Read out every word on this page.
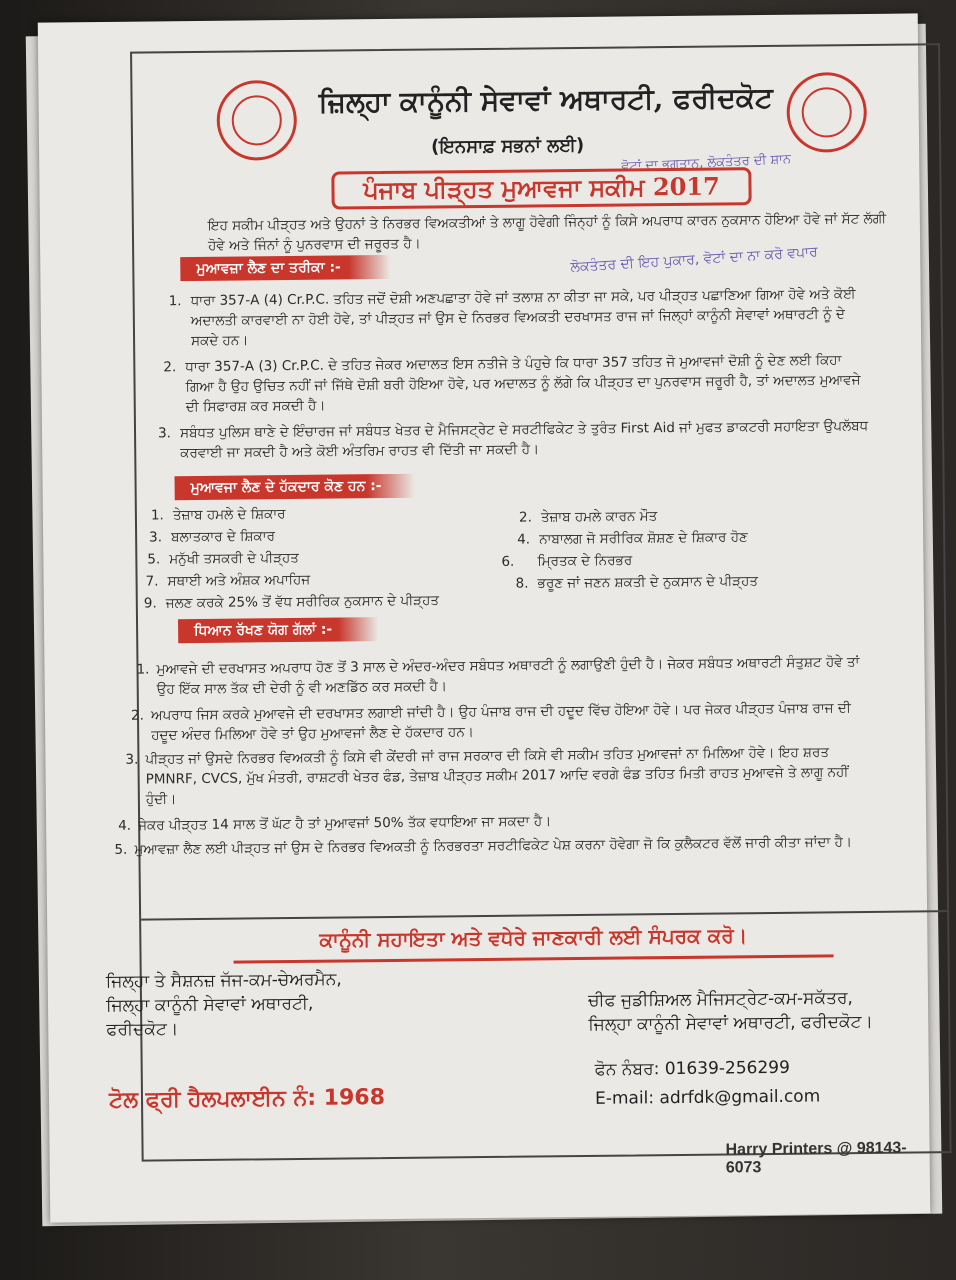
ਜ਼ਿਲ੍ਹਾ ਕਾਨੂੰਨੀ ਸੇਵਾਵਾਂ ਅਥਾਰਟੀ, ਫਰੀਦਕੋਟ
(ਇਨਸਾਫ਼ ਸਭਨਾਂ ਲਈ)
ਵੋਟਾਂ ਦਾ ਭੁਗਤਾਨ, ਲੋਕਤੰਤਰ ਦੀ ਸ਼ਾਨ
ਪੰਜਾਬ ਪੀੜ੍ਹਤ ਮੁਆਵਜਾ ਸਕੀਮ 2017
ਇਹ ਸਕੀਮ ਪੀੜ੍ਹਤ ਅਤੇ ਉਹਨਾਂ ਤੇ ਨਿਰਭਰ ਵਿਅਕਤੀਆਂ ਤੇ ਲਾਗੂ ਹੋਵੇਗੀ ਜਿੰਨ੍ਹਾਂ ਨੂੰ ਕਿਸੇ ਅਪਰਾਧ ਕਾਰਨ ਨੁਕਸਾਨ ਹੋਇਆ ਹੋਵੇ ਜਾਂ ਸੱਟ ਲੱਗੀ ਹੋਵੇ ਅਤੇ ਜਿੰਨਾਂ ਨੂੰ ਪੁਨਰਵਾਸ ਦੀ ਜਰੂਰਤ ਹੈ।
ਮੁਆਵਜ਼ਾ ਲੈਣ ਦਾ ਤਰੀਕਾ :-	ਲੋਕਤੰਤਰ ਦੀ ਇਹ ਪੁਕਾਰ, ਵੋਟਾਂ ਦਾ ਨਾ ਕਰੋ ਵਪਾਰ
1. ਧਾਰਾ 357-A (4) Cr.P.C. ਤਹਿਤ ਜਦੋਂ ਦੋਸ਼ੀ ਅਣਪਛਾਤਾ ਹੋਵੇ ਜਾਂ ਤਲਾਸ਼ ਨਾ ਕੀਤਾ ਜਾ ਸਕੇ, ਪਰ ਪੀੜ੍ਹਤ ਪਛਾਣਿਆ ਗਿਆ ਹੋਵੇ ਅਤੇ ਕੋਈ ਅਦਾਲਤੀ ਕਾਰਵਾਈ ਨਾ ਹੋਈ ਹੋਵੇ, ਤਾਂ ਪੀੜ੍ਹਤ ਜਾਂ ਉਸ ਦੇ ਨਿਰਭਰ ਵਿਅਕਤੀ ਦਰਖਾਸਤ ਰਾਜ ਜਾਂ ਜਿਲ੍ਹਾਂ ਕਾਨੂੰਨੀ ਸੇਵਾਵਾਂ ਅਥਾਰਟੀ ਨੂੰ ਦੇ ਸਕਦੇ ਹਨ।
2. ਧਾਰਾ 357-A (3) Cr.P.C. ਦੇ ਤਹਿਤ ਜੇਕਰ ਅਦਾਲਤ ਇਸ ਨਤੀਜੇ ਤੇ ਪੰਹੁਚੇ ਕਿ ਧਾਰਾ 357 ਤਹਿਤ ਜੋ ਮੁਆਵਜਾਂ ਦੋਸ਼ੀ ਨੂੰ ਦੇਣ ਲਈ ਕਿਹਾ ਗਿਆ ਹੈ ਉਹ ਉਚਿਤ ਨਹੀਂ ਜਾਂ ਜਿੱਥੇ ਦੋਸ਼ੀ ਬਰੀ ਹੋਇਆ ਹੋਵੇ, ਪਰ ਅਦਾਲਤ ਨੂੰ ਲੱਗੇ ਕਿ ਪੀੜ੍ਹਤ ਦਾ ਪੁਨਰਵਾਸ ਜਰੂਰੀ ਹੈ, ਤਾਂ ਅਦਾਲਤ ਮੁਆਵਜੇ ਦੀ ਸਿਫਾਰਸ਼ ਕਰ ਸਕਦੀ ਹੈ।
3. ਸਬੰਧਤ ਪੁਲਿਸ ਥਾਣੇ ਦੇ ਇੰਚਾਰਜ ਜਾਂ ਸਬੰਧਤ ਖੇਤਰ ਦੇ ਮੈਜਿਸਟ੍ਰੇਟ ਦੇ ਸਰਟੀਫਿਕੇਟ ਤੇ ਤੁਰੰਤ First Aid ਜਾਂ ਮੁਫਤ ਡਾਕਟਰੀ ਸਹਾਇਤਾ ਉਪਲੱਬਧ ਕਰਵਾਈ ਜਾ ਸਕਦੀ ਹੈ ਅਤੇ ਕੋਈ ਅੰਤਰਿਮ ਰਾਹਤ ਵੀ ਦਿੱਤੀ ਜਾ ਸਕਦੀ ਹੈ।
ਮੁਆਵਜਾ ਲੈਣ ਦੇ ਹੱਕਦਾਰ ਕੋਣ ਹਨ :-
1. ਤੇਜ਼ਾਬ ਹਮਲੇ ਦੇ ਸ਼ਿਕਾਰ
3. ਬਲਾਤਕਾਰ ਦੇ ਸ਼ਿਕਾਰ
5. ਮਨੁੱਖੀ ਤਸਕਰੀ ਦੇ ਪੀੜ੍ਹਤ
7. ਸਥਾਈ ਅਤੇ ਅੰਸ਼ਕ ਅਪਾਹਿਜ
9. ਜਲਣ ਕਰਕੇ 25% ਤੋਂ ਵੱਧ ਸਰੀਰਿਕ ਨੁਕਸਾਨ ਦੇ ਪੀੜ੍ਹਤ
2. ਤੇਜ਼ਾਬ ਹਮਲੇ ਕਾਰਨ ਮੌਤ
4. ਨਾਬਾਲਗ ਜੋ ਸਰੀਰਿਕ ਸ਼ੋਸ਼ਣ ਦੇ ਸ਼ਿਕਾਰ ਹੋਣ
6. ਮ੍ਰਿਤਕ ਦੇ ਨਿਰਭਰ
8. ਭਰੂਣ ਜਾਂ ਜਣਨ ਸ਼ਕਤੀ ਦੇ ਨੁਕਸਾਨ ਦੇ ਪੀੜ੍ਹਤ
ਧਿਆਨ ਰੱਖਣ ਯੋਗ ਗੱਲਾਂ :-
1. ਮੁਆਵਜੇ ਦੀ ਦਰਖਾਸਤ ਅਪਰਾਧ ਹੋਣ ਤੋਂ 3 ਸਾਲ ਦੇ ਅੰਦਰ-ਅੰਦਰ ਸਬੰਧਤ ਅਥਾਰਟੀ ਨੂੰ ਲਗਾਉਣੀ ਹੁੰਦੀ ਹੈ। ਜੇਕਰ ਸਬੰਧਤ ਅਥਾਰਟੀ ਸੰਤੁਸ਼ਟ ਹੋਵੇ ਤਾਂ ਉਹ ਇੱਕ ਸਾਲ ਤੱਕ ਦੀ ਦੇਰੀ ਨੂੰ ਵੀ ਅਣਡਿੱਠ ਕਰ ਸਕਦੀ ਹੈ।
2. ਅਪਰਾਧ ਜਿਸ ਕਰਕੇ ਮੁਆਵਜੇ ਦੀ ਦਰਖਾਸਤ ਲਗਾਈ ਜਾਂਦੀ ਹੈ। ਉਹ ਪੰਜਾਬ ਰਾਜ ਦੀ ਹਦੂਦ ਵਿੱਚ ਹੋਇਆ ਹੋਵੇ। ਪਰ ਜੇਕਰ ਪੀੜ੍ਹਤ ਪੰਜਾਬ ਰਾਜ ਦੀ ਹਦੂਦ ਅੰਦਰ ਮਿਲਿਆ ਹੋਵੇ ਤਾਂ ਉਹ ਮੁਆਵਜਾਂ ਲੈਣ ਦੇ ਹੱਕਦਾਰ ਹਨ।
3. ਪੀੜ੍ਹਤ ਜਾਂ ਉਸਦੇ ਨਿਰਭਰ ਵਿਅਕਤੀ ਨੂੰ ਕਿਸੇ ਵੀ ਕੇਂਦਰੀ ਜਾਂ ਰਾਜ ਸਰਕਾਰ ਦੀ ਕਿਸੇ ਵੀ ਸਕੀਮ ਤਹਿਤ ਮੁਆਵਜਾਂ ਨਾ ਮਿਲਿਆ ਹੋਵੇ। ਇਹ ਸ਼ਰਤ PMNRF, CVCS, ਮੁੱਖ ਮੰਤਰੀ, ਰਾਸ਼ਟਰੀ ਖੇਤਰ ਫੰਡ, ਤੇਜ਼ਾਬ ਪੀੜ੍ਹਤ ਸਕੀਮ 2017 ਆਦਿ ਵਰਗੇ ਫੰਡ ਤਹਿਤ ਮਿਤੀ ਰਾਹਤ ਮੁਆਵਜੇ ਤੇ ਲਾਗੂ ਨਹੀਂ ਹੁੰਦੀ।
4. ਜੇਕਰ ਪੀੜ੍ਹਤ 14 ਸਾਲ ਤੋਂ ਘੱਟ ਹੈ ਤਾਂ ਮੁਆਵਜਾਂ 50% ਤੱਕ ਵਧਾਇਆ ਜਾ ਸਕਦਾ ਹੈ।
5. ਮੁਆਵਜ਼ਾ ਲੈਣ ਲਈ ਪੀੜ੍ਹਤ ਜਾਂ ਉਸ ਦੇ ਨਿਰਭਰ ਵਿਅਕਤੀ ਨੂੰ ਨਿਰਭਰਤਾ ਸਰਟੀਫਿਕੇਟ ਪੇਸ਼ ਕਰਨਾ ਹੋਵੇਗਾ ਜੋ ਕਿ ਕੁਲੈਕਟਰ ਵੱਲੋਂ ਜਾਰੀ ਕੀਤਾ ਜਾਂਦਾ ਹੈ।
ਕਾਨੂੰਨੀ ਸਹਾਇਤਾ ਅਤੇ ਵਧੇਰੇ ਜਾਣਕਾਰੀ ਲਈ ਸੰਪਰਕ ਕਰੋ।
ਜਿਲ੍ਹਾ ਤੇ ਸੈਸ਼ਨਜ਼ ਜੱਜ-ਕਮ-ਚੇਅਰਮੈਨ,
ਜਿਲ੍ਹਾ ਕਾਨੂੰਨੀ ਸੇਵਾਵਾਂ ਅਥਾਰਟੀ,
ਫਰੀਦਕੋਟ।
ਚੀਫ ਜੁਡੀਸ਼ਿਅਲ ਮੈਜਿਸਟ੍ਰੇਟ-ਕਮ-ਸਕੱਤਰ,
ਜਿਲ੍ਹਾ ਕਾਨੂੰਨੀ ਸੇਵਾਵਾਂ ਅਥਾਰਟੀ, ਫਰੀਦਕੋਟ।
ਟੋਲ ਫ੍ਰੀ ਹੈਲਪਲਾਈਨ ਨੰ: 1968
ਫੋਨ ਨੰਬਰ: 01639-256299
E-mail: adrfdk@gmail.com
Harry Printers @ 98143-6073
